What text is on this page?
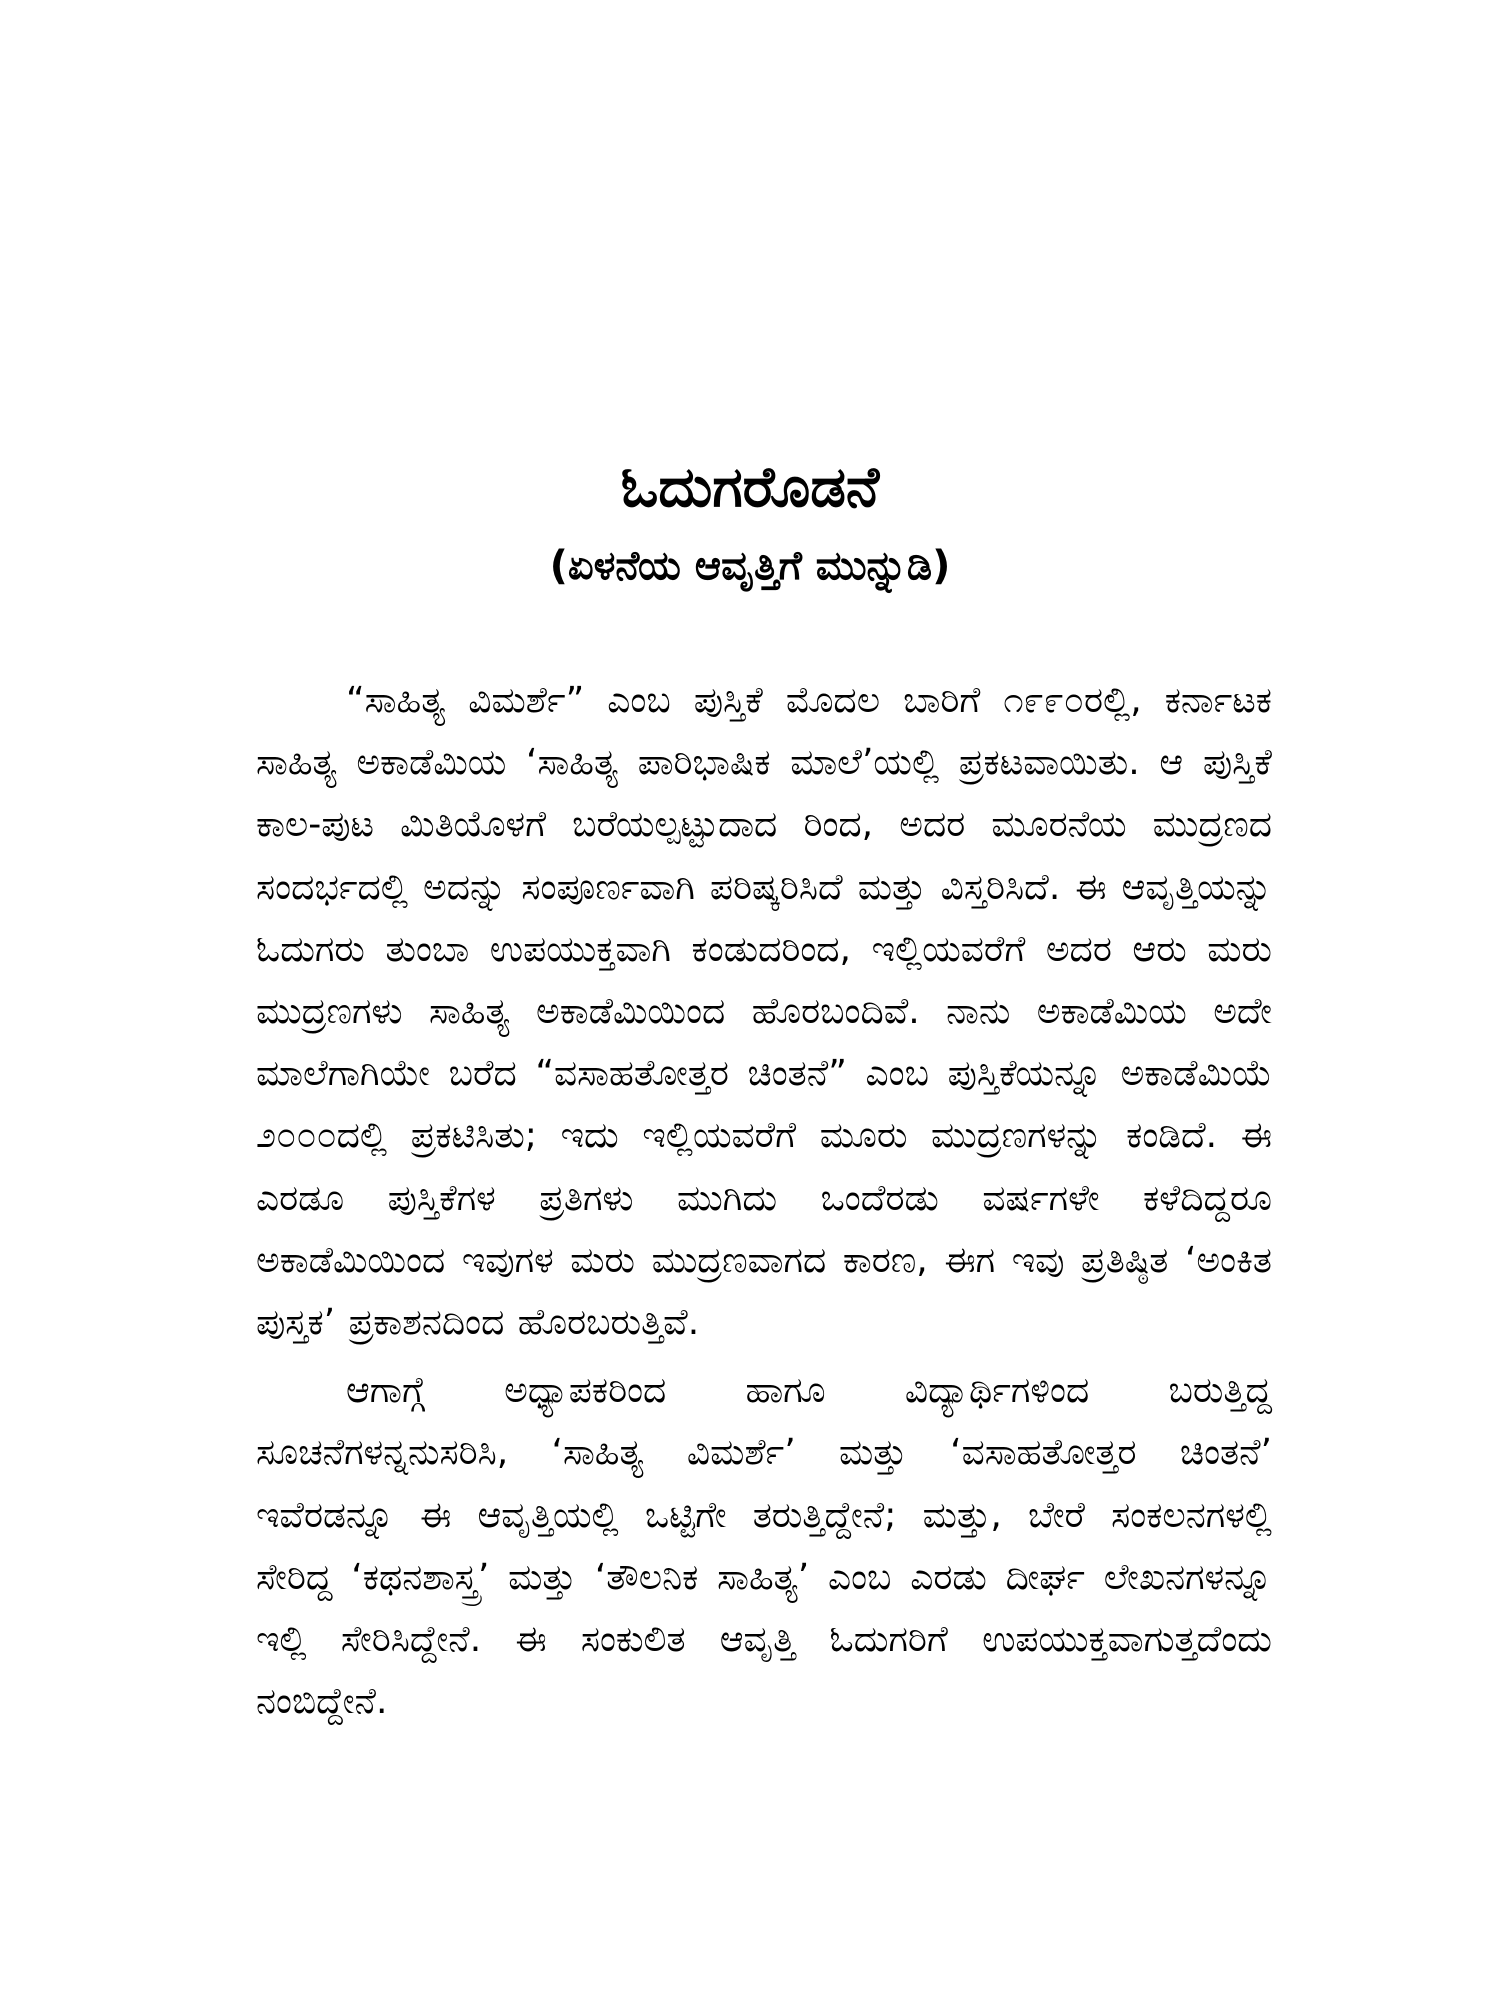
ಓದುಗರೊಡನೆ
(ಏಳನೆಯ ಆವೃತ್ತಿಗೆ ಮುನ್ನುಡಿ)

“ಸಾಹಿತ್ಯ ವಿಮರ್ಶೆ” ಎಂಬ ಪುಸ್ತಿಕೆ ಮೊದಲ ಬಾರಿಗೆ ೧೯೯೦ರಲ್ಲಿ, ಕರ್ನಾಟಕ ಸಾಹಿತ್ಯ ಅಕಾಡೆಮಿಯ ‘ಸಾಹಿತ್ಯ ಪಾರಿಭಾಷಿಕ ಮಾಲೆ’ಯಲ್ಲಿ ಪ್ರಕಟವಾಯಿತು. ಆ ಪುಸ್ತಿಕೆ ಕಾಲ-ಪುಟ ಮಿತಿಯೊಳಗೆ ಬರೆಯಲ್ಪಟ್ಟುದಾದ ರಿಂದ, ಅದರ ಮೂರನೆಯ ಮುದ್ರಣದ ಸಂದರ್ಭದಲ್ಲಿ ಅದನ್ನು ಸಂಪೂರ್ಣವಾಗಿ ಪರಿಷ್ಕರಿಸಿದೆ ಮತ್ತು ವಿಸ್ತರಿಸಿದೆ. ಈ ಆವೃತ್ತಿಯನ್ನು ಓದುಗರು ತುಂಬಾ ಉಪಯುಕ್ತವಾಗಿ ಕಂಡುದರಿಂದ, ಇಲ್ಲಿಯವರೆಗೆ ಅದರ ಆರು ಮರು ಮುದ್ರಣಗಳು ಸಾಹಿತ್ಯ ಅಕಾಡೆಮಿಯಿಂದ ಹೊರಬಂದಿವೆ. ನಾನು ಅಕಾಡೆಮಿಯ ಅದೇ ಮಾಲೆಗಾಗಿಯೇ ಬರೆದ “ವಸಾಹತೋತ್ತರ ಚಿಂತನೆ” ಎಂಬ ಪುಸ್ತಿಕೆಯನ್ನೂ ಅಕಾಡೆಮಿಯೆ ೨೦೦೦ದಲ್ಲಿ ಪ್ರಕಟಿಸಿತು; ಇದು ಇಲ್ಲಿಯವರೆಗೆ ಮೂರು ಮುದ್ರಣಗಳನ್ನು ಕಂಡಿದೆ. ಈ ಎರಡೂ ಪುಸ್ತಿಕೆಗಳ ಪ್ರತಿಗಳು ಮುಗಿದು ಒಂದೆರಡು ವರ್ಷಗಳೇ ಕಳೆದಿದ್ದರೂ ಅಕಾಡೆಮಿಯಿಂದ ಇವುಗಳ ಮರು ಮುದ್ರಣವಾಗದ ಕಾರಣ, ಈಗ ಇವು ಪ್ರತಿಷ್ಠಿತ ‘ಅಂಕಿತ ಪುಸ್ತಕ’ ಪ್ರಕಾಶನದಿಂದ ಹೊರಬರುತ್ತಿವೆ.

ಆಗಾಗ್ಗೆ ಅಧ್ಯಾಪಕರಿಂದ ಹಾಗೂ ವಿದ್ಯಾರ್ಥಿಗಳಿಂದ ಬರುತ್ತಿದ್ದ ಸೂಚನೆಗಳನ್ನನುಸರಿಸಿ, ‘ಸಾಹಿತ್ಯ ವಿಮರ್ಶೆ’ ಮತ್ತು ‘ವಸಾಹತೋತ್ತರ ಚಿಂತನೆ’ ಇವೆರಡನ್ನೂ ಈ ಆವೃತ್ತಿಯಲ್ಲಿ ಒಟ್ಟಿಗೇ ತರುತ್ತಿದ್ದೇನೆ; ಮತ್ತು, ಬೇರೆ ಸಂಕಲನಗಳಲ್ಲಿ ಸೇರಿದ್ದ ‘ಕಥನಶಾಸ್ತ್ರ’ ಮತ್ತು ‘ತೌಲನಿಕ ಸಾಹಿತ್ಯ’ ಎಂಬ ಎರಡು ದೀರ್ಘ ಲೇಖನಗಳನ್ನೂ ಇಲ್ಲಿ ಸೇರಿಸಿದ್ದೇನೆ. ಈ ಸಂಕುಲಿತ ಆವೃತ್ತಿ ಓದುಗರಿಗೆ ಉಪಯುಕ್ತವಾಗುತ್ತದೆಂದು ನಂಬಿದ್ದೇನೆ.
